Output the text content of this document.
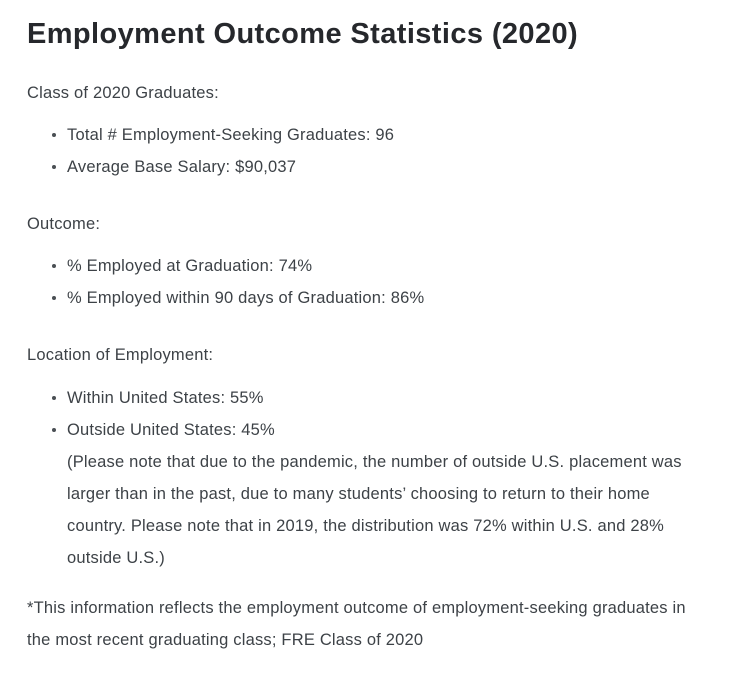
Employment Outcome Statistics (2020)

Class of 2020 Graduates:

Total # Employment-Seeking Graduates: 96
Average Base Salary: $90,037

Outcome:

% Employed at Graduation: 74%
% Employed within 90 days of Graduation: 86%

Location of Employment:

Within United States: 55%
Outside United States: 45%
(Please note that due to the pandemic, the number of outside U.S. placement was larger than in the past, due to many students’ choosing to return to their home country. Please note that in 2019, the distribution was 72% within U.S. and 28% outside U.S.)

*This information reflects the employment outcome of employment-seeking graduates in the most recent graduating class; FRE Class of 2020
